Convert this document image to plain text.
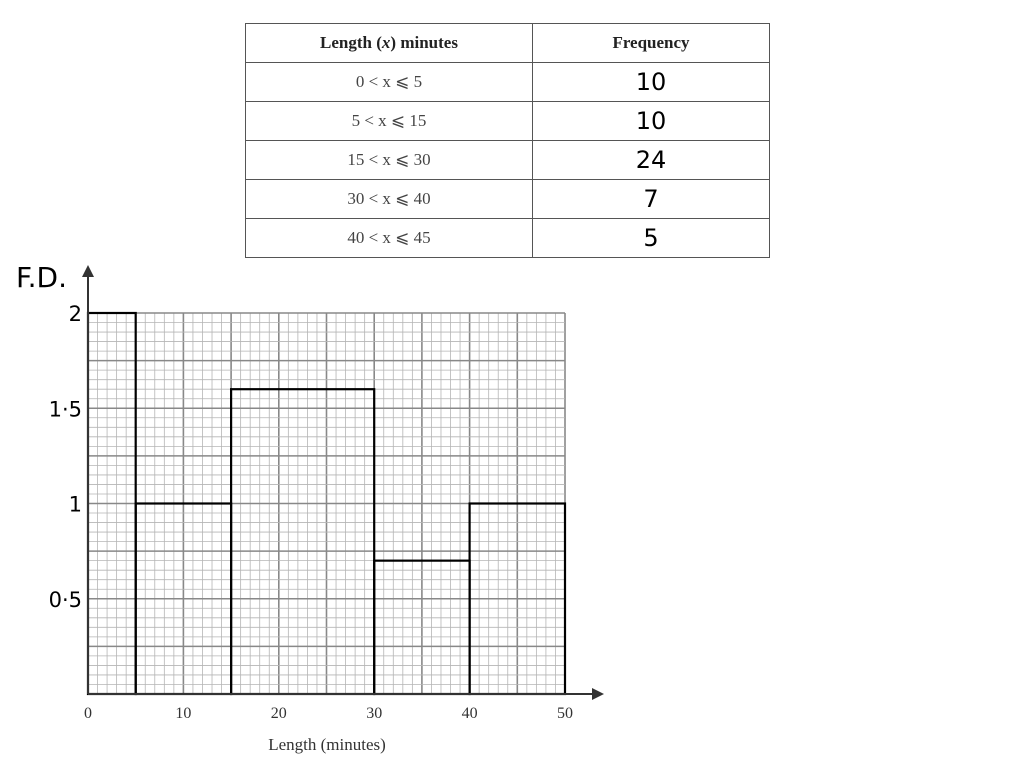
Length (x) minutes	Frequency
0 < x ⩽ 5	10
5 < x ⩽ 15	10
15 < x ⩽ 30	24
30 < x ⩽ 40	7
40 < x ⩽ 45	5
0	10	20	30	40	50
0·5
1
1·5
2
Length (minutes)
F.D.
